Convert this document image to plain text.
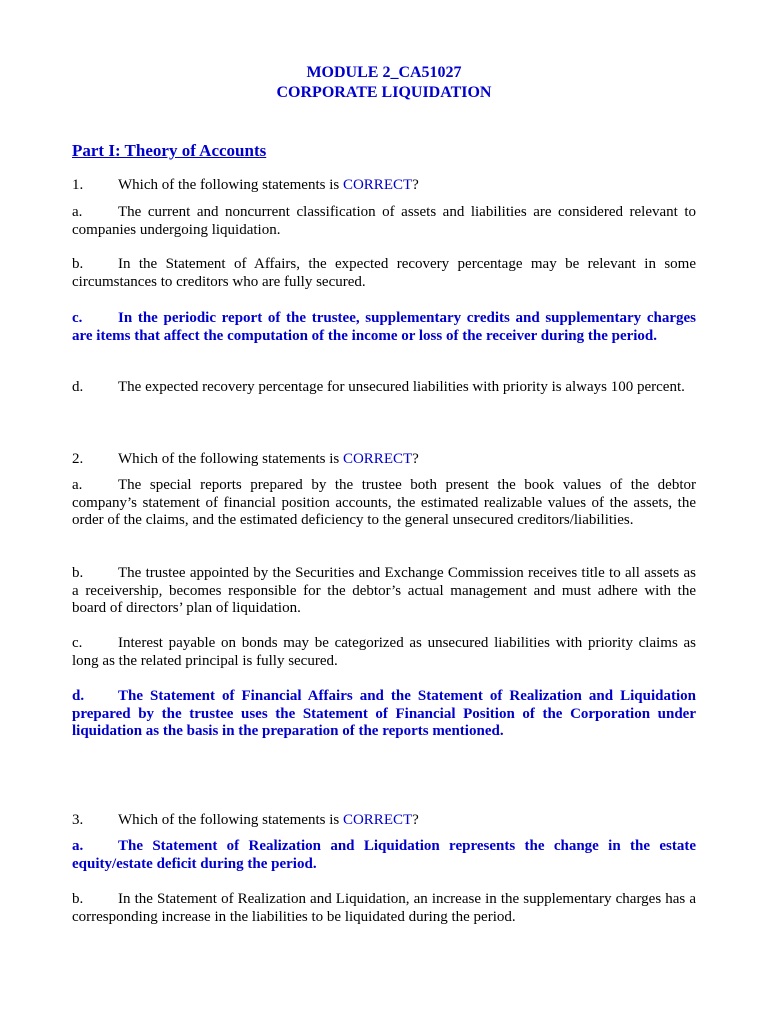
MODULE 2_CA51027
CORPORATE LIQUIDATION
Part I: Theory of Accounts
1. Which of the following statements is CORRECT?
a. The current and noncurrent classification of assets and liabilities are considered relevant to companies undergoing liquidation.
b. In the Statement of Affairs, the expected recovery percentage may be relevant in some circumstances to creditors who are fully secured.
c. In the periodic report of the trustee, supplementary credits and supplementary charges are items that affect the computation of the income or loss of the receiver during the period.
d. The expected recovery percentage for unsecured liabilities with priority is always 100 percent.
2. Which of the following statements is CORRECT?
a. The special reports prepared by the trustee both present the book values of the debtor company’s statement of financial position accounts, the estimated realizable values of the assets, the order of the claims, and the estimated deficiency to the general unsecured creditors/liabilities.
b. The trustee appointed by the Securities and Exchange Commission receives title to all assets as a receivership, becomes responsible for the debtor’s actual management and must adhere with the board of directors’ plan of liquidation.
c. Interest payable on bonds may be categorized as unsecured liabilities with priority claims as long as the related principal is fully secured.
d. The Statement of Financial Affairs and the Statement of Realization and Liquidation prepared by the trustee uses the Statement of Financial Position of the Corporation under liquidation as the basis in the preparation of the reports mentioned.
3. Which of the following statements is CORRECT?
a. The Statement of Realization and Liquidation represents the change in the estate equity/estate deficit during the period.
b. In the Statement of Realization and Liquidation, an increase in the supplementary charges has a corresponding increase in the liabilities to be liquidated during the period.
